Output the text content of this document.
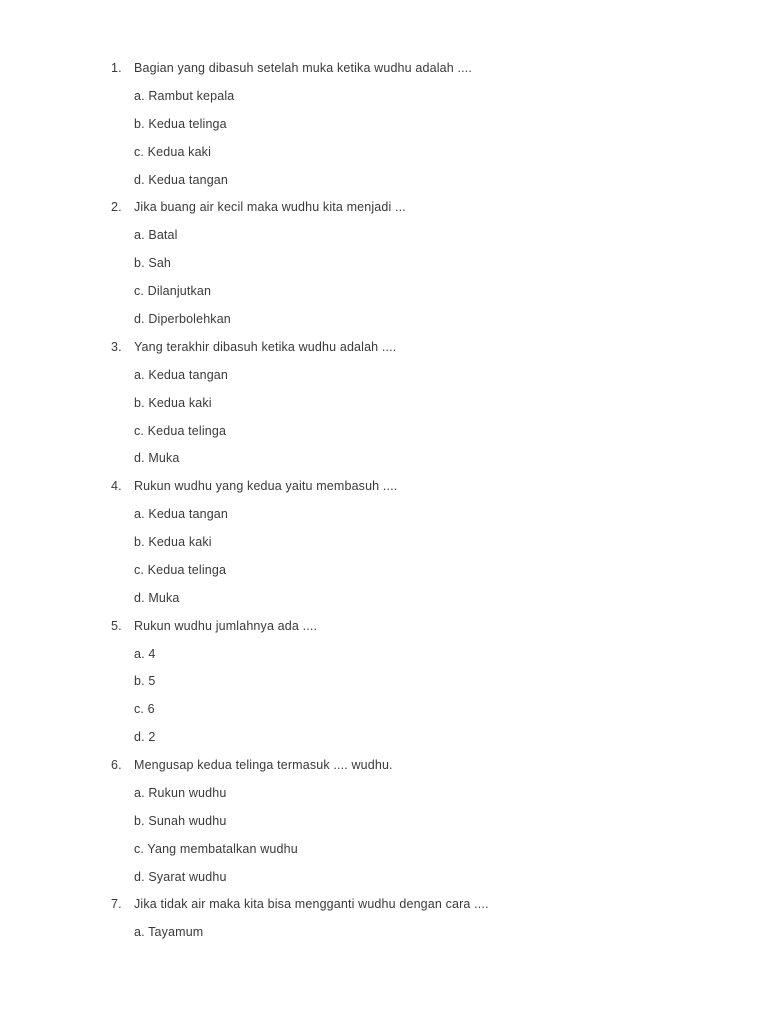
1. Bagian yang dibasuh setelah muka ketika wudhu adalah ....
a. Rambut kepala
b. Kedua telinga
c. Kedua kaki
d. Kedua tangan
2. Jika buang air kecil maka wudhu kita menjadi ...
a. Batal
b. Sah
c. Dilanjutkan
d. Diperbolehkan
3. Yang terakhir dibasuh ketika wudhu adalah ....
a. Kedua tangan
b. Kedua kaki
c. Kedua telinga
d. Muka
4. Rukun wudhu yang kedua yaitu membasuh ....
a. Kedua tangan
b. Kedua kaki
c. Kedua telinga
d. Muka
5. Rukun wudhu jumlahnya ada ....
a. 4
b. 5
c. 6
d. 2
6. Mengusap kedua telinga termasuk .... wudhu.
a. Rukun wudhu
b. Sunah wudhu
c. Yang membatalkan wudhu
d. Syarat wudhu
7. Jika tidak air maka kita bisa mengganti wudhu dengan cara ....
a. Tayamum
